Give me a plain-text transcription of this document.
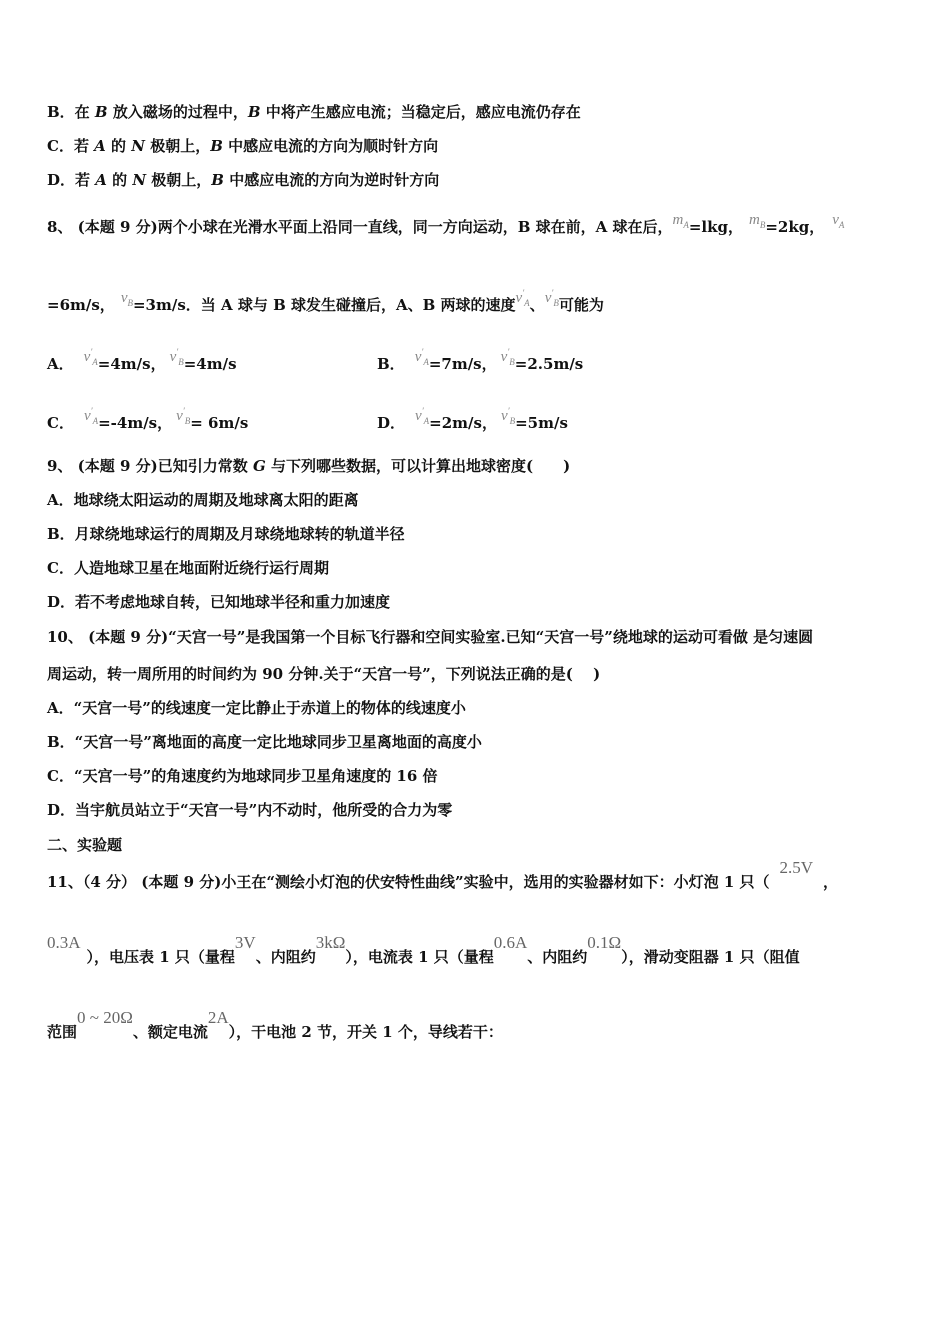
B．在 B 放入磁场的过程中，B 中将产生感应电流；当稳定后，感应电流仍存在
C．若 A 的 N 极朝上，B 中感应电流的方向为顺时针方向
D．若 A 的 N 极朝上，B 中感应电流的方向为逆时针方向
8、 (本题 9 分)两个小球在光滑水平面上沿同一直线，同一方向运动，B 球在前，A 球在后，$m_A=lkg$， $m_B=2kg$， $v_A$
=6m/s， $v_B=3m/s$．当 A 球与 B 球发生碰撞后，A、B 两球的速度$v'_A$、$v'_B$可能为
A． $v'_A=4m/s$， $v'_B=4m/s$	B． $v'_A=7m/s$， $v'_B=2.5m/s$
C． $v'_A=-4m/s$， $v'_B= 6m/s$	D． $v'_A=2m/s$， $v'_B=5m/s$
9、 (本题 9 分)已知引力常数 G 与下列哪些数据，可以计算出地球密度(　　)
A．地球绕太阳运动的周期及地球离太阳的距离
B．月球绕地球运行的周期及月球绕地球转的轨道半径
C．人造地球卫星在地面附近绕行运行周期
D．若不考虑地球自转，已知地球半径和重力加速度
10、 (本题 9 分)“天宫一号”是我国第一个目标飞行器和空间实验室.已知“天宫一号”绕地球的运动可看做 是匀速圆
周运动，转一周所用的时间约为 90 分钟.关于“天宫一号”，下列说法正确的是(　 )
A．“天宫一号”的线速度一定比静止于赤道上的物体的线速度小
B．“天宫一号”离地面的高度一定比地球同步卫星离地面的高度小
C．“天宫一号”的角速度约为地球同步卫星角速度的 16 倍
D．当宇航员站立于“天宫一号”内不动时，他所受的合力为零
二、实验题
11、（4 分） (本题 9 分)小王在“测绘小灯泡的伏安特性曲线”实验中，选用的实验器材如下：小灯泡 1 只（2.5V，
0.3A），电压表 1 只（量程3V、内阻约3kΩ），电流表 1 只（量程0.6A、内阻约0.1Ω），滑动变阻器 1 只（阻值
范围0 ~ 20Ω、额定电流2A），干电池 2 节，开关 1 个，导线若干：
